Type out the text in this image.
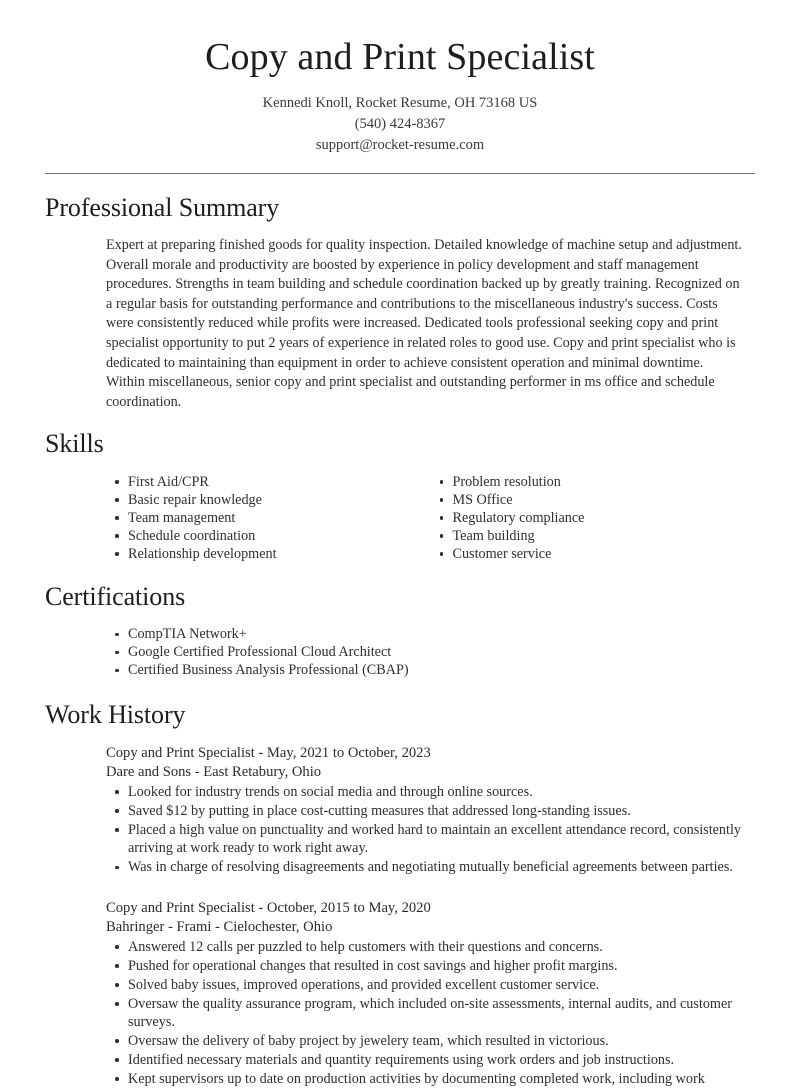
Copy and Print Specialist

Kennedi Knoll, Rocket Resume, OH 73168 US

(540) 424-8367

support@rocket-resume.com

Professional Summary

Expert at preparing finished goods for quality inspection. Detailed knowledge of machine setup and adjustment. Overall morale and productivity are boosted by experience in policy development and staff management procedures. Strengths in team building and schedule coordination backed up by greatly training. Recognized on a regular basis for outstanding performance and contributions to the miscellaneous industry's success. Costs were consistently reduced while profits were increased. Dedicated tools professional seeking copy and print specialist opportunity to put 2 years of experience in related roles to good use. Copy and print specialist who is dedicated to maintaining than equipment in order to achieve consistent operation and minimal downtime. Within miscellaneous, senior copy and print specialist and outstanding performer in ms office and schedule coordination.

Skills
First Aid/CPR
Basic repair knowledge
Team management
Schedule coordination
Relationship development
Problem resolution
MS Office
Regulatory compliance
Team building
Customer service
Certifications
CompTIA Network+
Google Certified Professional Cloud Architect
Certified Business Analysis Professional (CBAP)
Work History

Copy and Print Specialist - May, 2021 to October, 2023

Dare and Sons - East Retabury, Ohio

Looked for industry trends on social media and through online sources.
Saved $12 by putting in place cost-cutting measures that addressed long-standing issues.
Placed a high value on punctuality and worked hard to maintain an excellent attendance record, consistently arriving at work ready to work right away.
Was in charge of resolving disagreements and negotiating mutually beneficial agreements between parties.

Copy and Print Specialist - October, 2015 to May, 2020

Bahringer - Frami - Cielochester, Ohio

Answered 12 calls per puzzled to help customers with their questions and concerns.
Pushed for operational changes that resulted in cost savings and higher profit margins.
Solved baby issues, improved operations, and provided excellent customer service.
Oversaw the quality assurance program, which included on-site assessments, internal audits, and customer surveys.
Oversaw the delivery of baby project by jewelery team, which resulted in victorious.
Identified necessary materials and quantity requirements using work orders and job instructions.
Kept supervisors up to date on production activities by documenting completed work, including work
